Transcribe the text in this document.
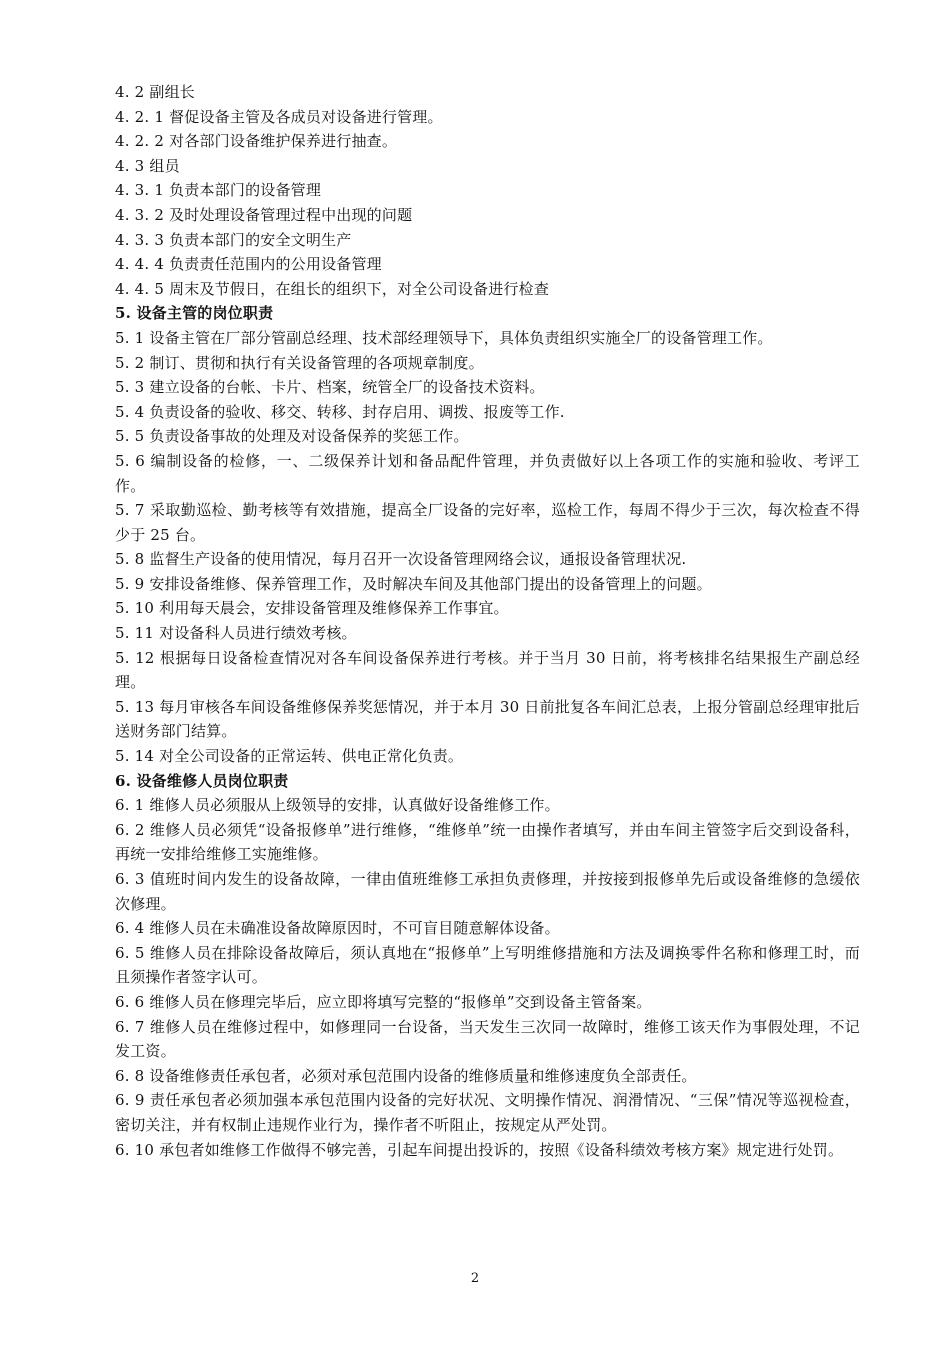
4. 2 副组长
4. 2. 1 督促设备主管及各成员对设备进行管理。
4. 2. 2 对各部门设备维护保养进行抽查。
4. 3 组员
4. 3. 1 负责本部门的设备管理
4. 3. 2 及时处理设备管理过程中出现的问题
4. 3. 3 负责本部门的安全文明生产
4. 4. 4 负责责任范围内的公用设备管理
4. 4. 5 周末及节假日，在组长的组织下，对全公司设备进行检查
5. 设备主管的岗位职责
5. 1 设备主管在厂部分管副总经理、技术部经理领导下，具体负责组织实施全厂的设备管理工作。
5. 2 制订、贯彻和执行有关设备管理的各项规章制度。
5. 3 建立设备的台帐、卡片、档案，统管全厂的设备技术资料。
5. 4 负责设备的验收、移交、转移、封存启用、调拨、报废等工作.
5. 5 负责设备事故的处理及对设备保养的奖惩工作。
5. 6 编制设备的检修，一、二级保养计划和备品配件管理，并负责做好以上各项工作的实施和验收、考评工作。
5. 7 采取勤巡检、勤考核等有效措施，提高全厂设备的完好率，巡检工作，每周不得少于三次，每次检查不得少于 25 台。
5. 8 监督生产设备的使用情况，每月召开一次设备管理网络会议，通报设备管理状况.
5. 9 安排设备维修、保养管理工作，及时解决车间及其他部门提出的设备管理上的问题。
5. 10 利用每天晨会，安排设备管理及维修保养工作事宜。
5. 11 对设备科人员进行绩效考核。
5. 12 根据每日设备检查情况对各车间设备保养进行考核。并于当月 30 日前，将考核排名结果报生产副总经理。
5. 13 每月审核各车间设备维修保养奖惩情况，并于本月 30 日前批复各车间汇总表，上报分管副总经理审批后送财务部门结算。
5. 14 对全公司设备的正常运转、供电正常化负责。
6. 设备维修人员岗位职责
6. 1 维修人员必须服从上级领导的安排，认真做好设备维修工作。
6. 2 维修人员必须凭“设备报修单”进行维修，“维修单”统一由操作者填写，并由车间主管签字后交到设备科，再统一安排给维修工实施维修。
6. 3 值班时间内发生的设备故障，一律由值班维修工承担负责修理，并按接到报修单先后或设备维修的急缓依次修理。
6. 4 维修人员在未确准设备故障原因时，不可盲目随意解体设备。
6. 5 维修人员在排除设备故障后，须认真地在“报修单”上写明维修措施和方法及调换零件名称和修理工时，而且须操作者签字认可。
6. 6 维修人员在修理完毕后，应立即将填写完整的“报修单”交到设备主管备案。
6. 7 维修人员在维修过程中，如修理同一台设备，当天发生三次同一故障时，维修工该天作为事假处理，不记发工资。
6. 8 设备维修责任承包者，必须对承包范围内设备的维修质量和维修速度负全部责任。
6. 9 责任承包者必须加强本承包范围内设备的完好状况、文明操作情况、润滑情况、“三保”情况等巡视检查，密切关注，并有权制止违规作业行为，操作者不听阻止，按规定从严处罚。
6. 10 承包者如维修工作做得不够完善，引起车间提出投诉的，按照《设备科绩效考核方案》规定进行处罚。
2
